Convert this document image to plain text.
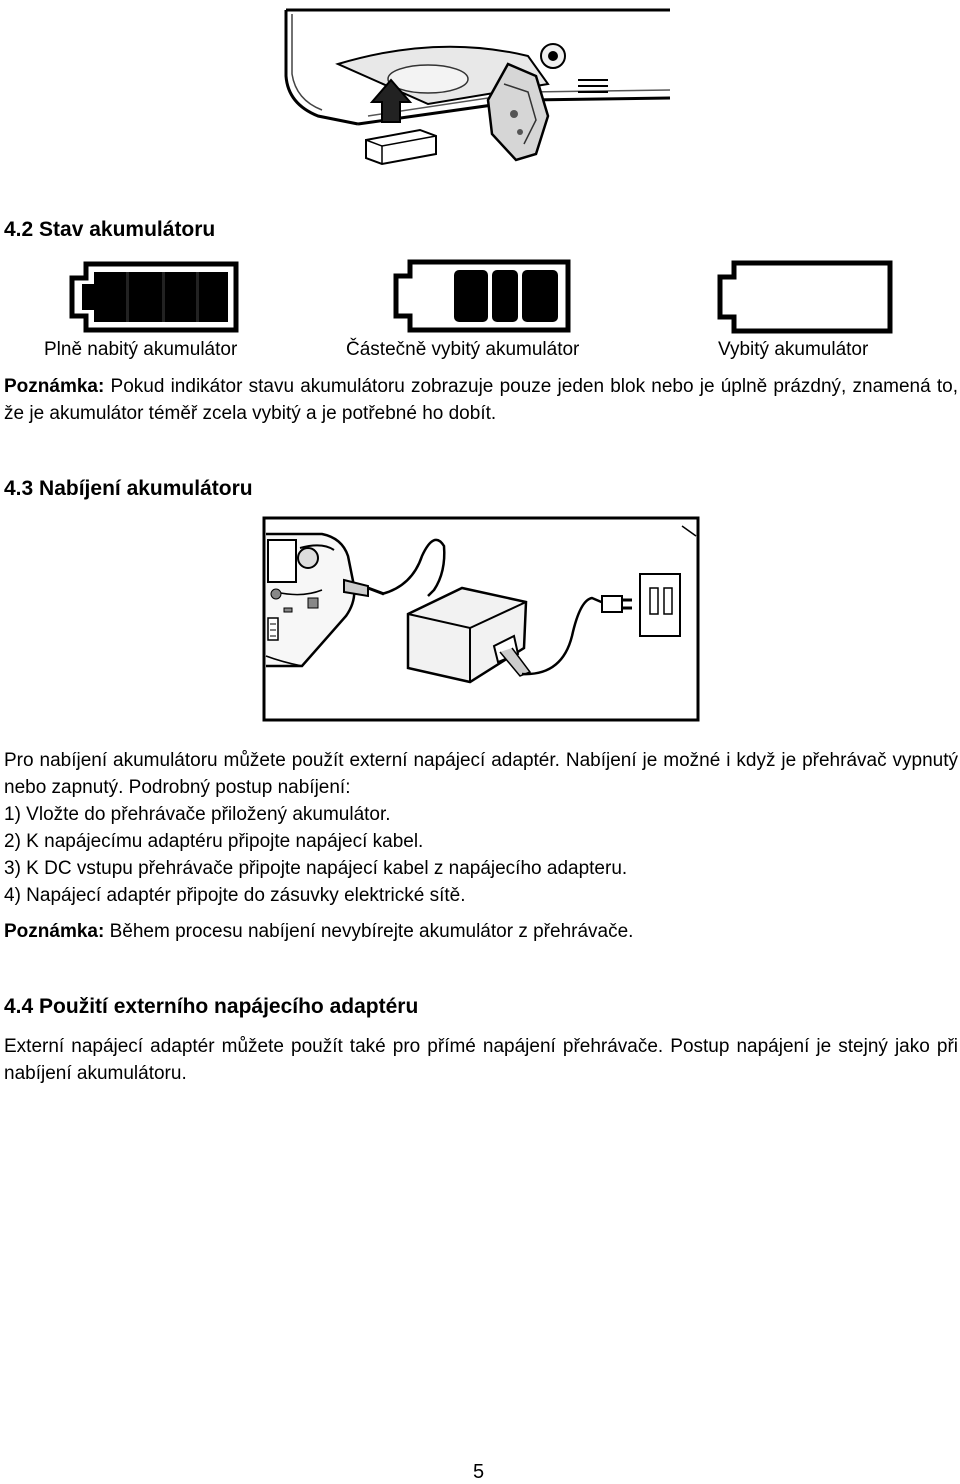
4.2 Stav akumulátoru
Plně nabitý akumulátor	Částečně vybitý akumulátor	Vybitý akumulátor
Poznámka: Pokud indikátor stavu akumulátoru zobrazuje pouze jeden blok nebo je úplně prázdný, znamená to, že je akumulátor téměř zcela vybitý a je potřebné ho dobít.
4.3 Nabíjení akumulátoru
Pro nabíjení akumulátoru můžete použít externí napájecí adaptér. Nabíjení je možné i když je přehrávač vypnutý nebo zapnutý. Podrobný postup nabíjení:
1) Vložte do přehrávače přiložený akumulátor.
2) K napájecímu adaptéru připojte napájecí kabel.
3) K DC vstupu přehrávače připojte napájecí kabel z napájecího adapteru.
4) Napájecí adaptér připojte do zásuvky elektrické sítě.
Poznámka: Během procesu nabíjení nevybírejte akumulátor z přehrávače.
4.4 Použití externího napájecího adaptéru
Externí napájecí adaptér můžete použít také pro přímé napájení přehrávače. Postup napájení je stejný jako při nabíjení akumulátoru.
5
